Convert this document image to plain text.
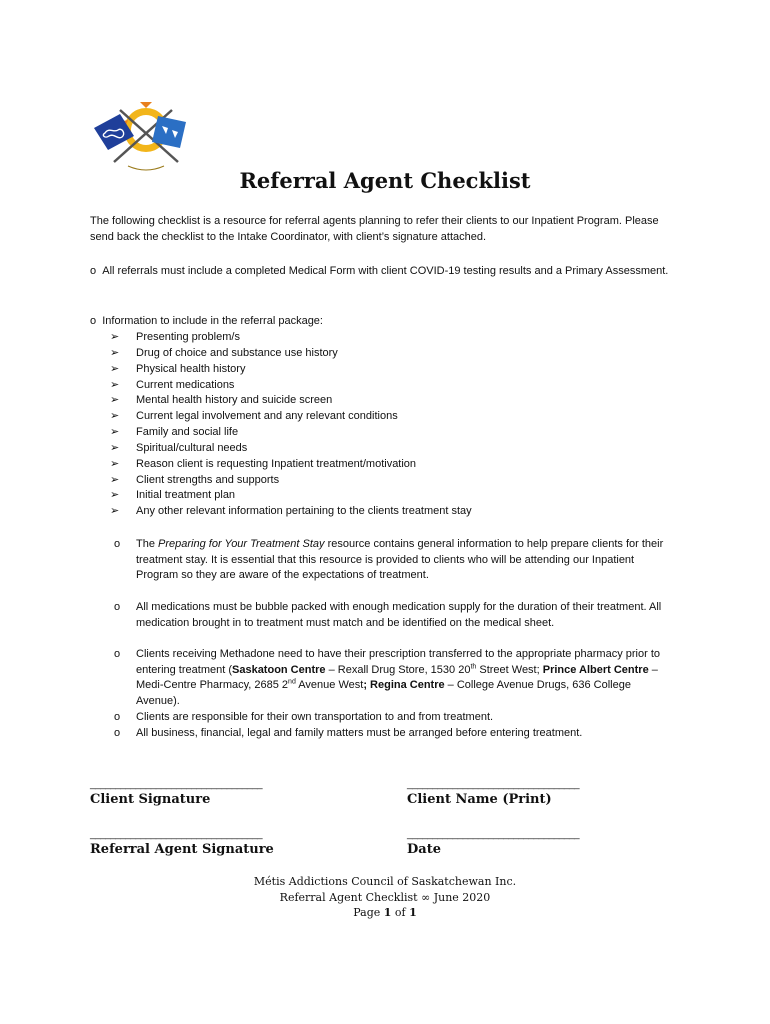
Referral Agent Checklist
The following checklist is a resource for referral agents planning to refer their clients to our Inpatient Program. Please send back the checklist to the Intake Coordinator, with client’s signature attached.
o All referrals must include a completed Medical Form with client COVID-19 testing results and a Primary Assessment.
o Information to include in the referral package:
➢ Presenting problem/s
➢ Drug of choice and substance use history
➢ Physical health history
➢ Current medications
➢ Mental health history and suicide screen
➢ Current legal involvement and any relevant conditions
➢ Family and social life
➢ Spiritual/cultural needs
➢ Reason client is requesting Inpatient treatment/motivation
➢ Client strengths and supports
➢ Initial treatment plan
➢ Any other relevant information pertaining to the clients treatment stay
o The Preparing for Your Treatment Stay resource contains general information to help prepare clients for their treatment stay. It is essential that this resource is provided to clients who will be attending our Inpatient Program so they are aware of the expectations of treatment.
o All medications must be bubble packed with enough medication supply for the duration of their treatment. All medication brought in to treatment must match and be identified on the medical sheet.
o Clients receiving Methadone need to have their prescription transferred to the appropriate pharmacy prior to entering treatment (Saskatoon Centre – Rexall Drug Store, 1530 20th Street West; Prince Albert Centre – Medi-Centre Pharmacy, 2685 2nd Avenue West; Regina Centre – College Avenue Drugs, 636 College Avenue).
o Clients are responsible for their own transportation to and from treatment.
o All business, financial, legal and family matters must be arranged before entering treatment.
__________________________________
Client Signature
__________________________________
Client Name (Print)
__________________________________
Referral Agent Signature
__________________________________
Date
Métis Addictions Council of Saskatchewan Inc.
Referral Agent Checklist ∞ June 2020
Page 1 of 1
